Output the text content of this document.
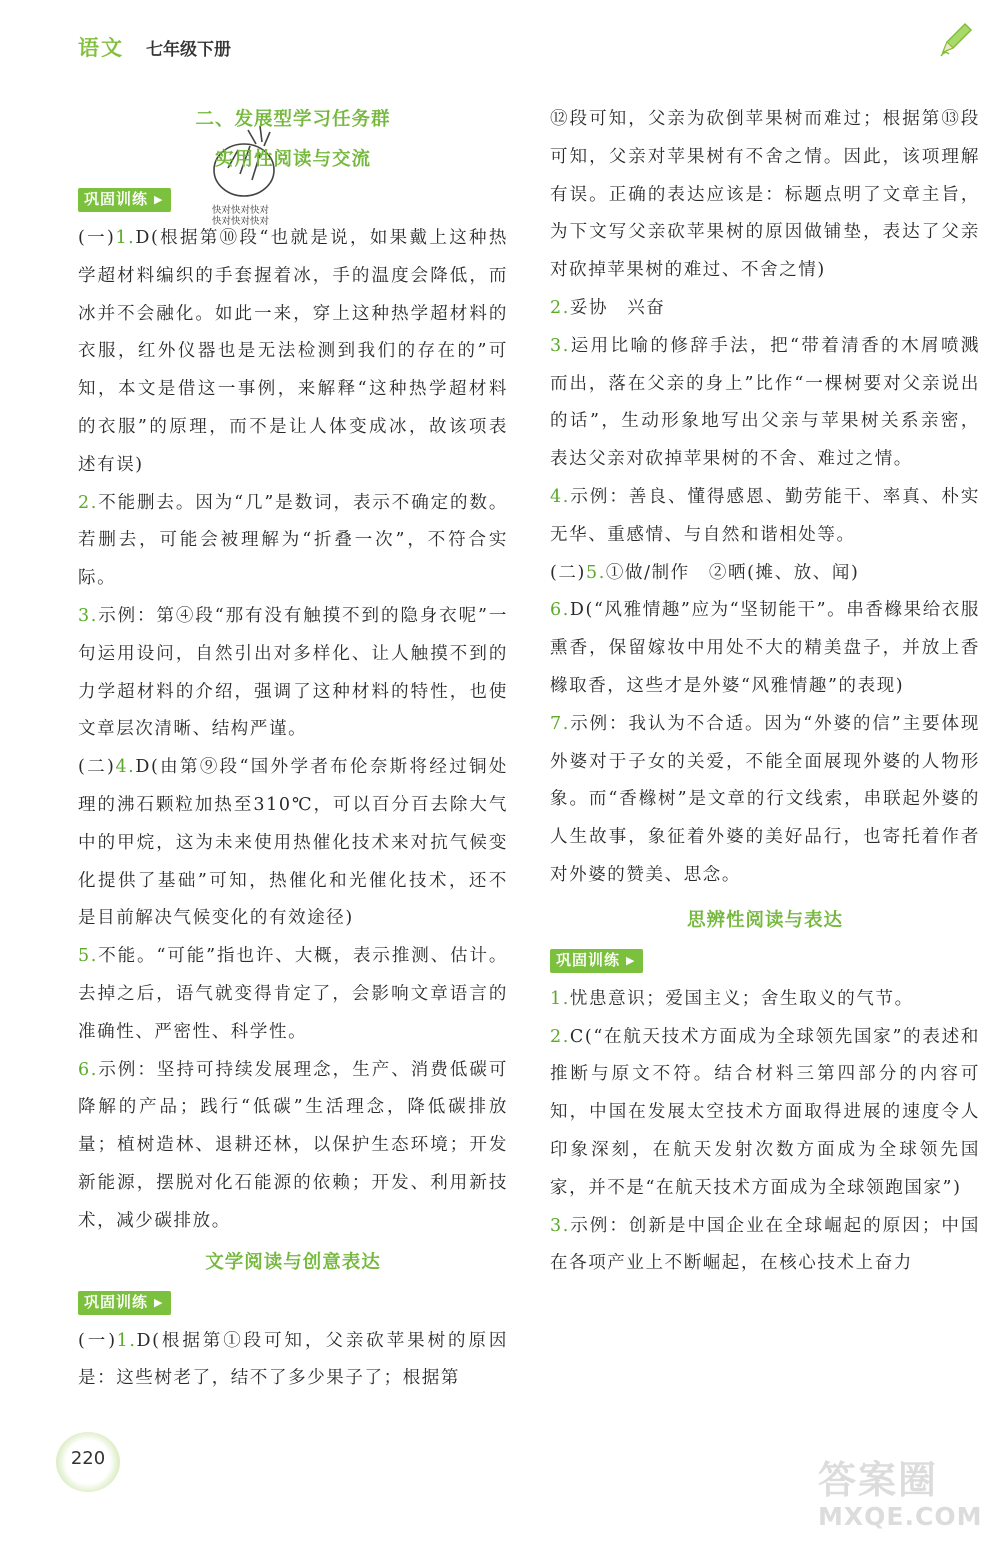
语文 七年级下册
快对快对快对
快对快对快对
二、发展型学习任务群
实用性阅读与交流
巩固训练 ▶

(一)1.D(根据第⑩段“也就是说，如果戴上这种热学超材料编织的手套握着冰，手的温度会降低，而冰并不会融化。如此一来，穿上这种热学超材料的衣服，红外仪器也是无法检测到我们的存在的”可知，本文是借这一事例，来解释“这种热学超材料的衣服”的原理，而不是让人体变成冰，故该项表述有误)

2.不能删去。因为“几”是数词，表示不确定的数。若删去，可能会被理解为“折叠一次”，不符合实际。

3.示例：第④段“那有没有触摸不到的隐身衣呢”一句运用设问，自然引出对多样化、让人触摸不到的力学超材料的介绍，强调了这种材料的特性，也使文章层次清晰、结构严谨。

(二)4.D(由第⑨段“国外学者布伦奈斯将经过铜处理的沸石颗粒加热至310℃，可以百分百去除大气中的甲烷，这为未来使用热催化技术来对抗气候变化提供了基础”可知，热催化和光催化技术，还不是目前解决气候变化的有效途径)

5.不能。“可能”指也许、大概，表示推测、估计。去掉之后，语气就变得肯定了，会影响文章语言的准确性、严密性、科学性。

6.示例：坚持可持续发展理念，生产、消费低碳可降解的产品；践行“低碳”生活理念，降低碳排放量；植树造林、退耕还林，以保护生态环境；开发新能源，摆脱对化石能源的依赖；开发、利用新技术，减少碳排放。

文学阅读与创意表达
巩固训练 ▶

(一)1.D(根据第①段可知，父亲砍苹果树的原因是：这些树老了，结不了多少果子了；根据第

⑫段可知，父亲为砍倒苹果树而难过；根据第⑬段可知，父亲对苹果树有不舍之情。因此，该项理解有误。正确的表达应该是：标题点明了文章主旨，为下文写父亲砍苹果树的原因做铺垫，表达了父亲对砍掉苹果树的难过、不舍之情)

2.妥协　兴奋

3.运用比喻的修辞手法，把“带着清香的木屑喷溅而出，落在父亲的身上”比作“一棵树要对父亲说出的话”，生动形象地写出父亲与苹果树关系亲密，表达父亲对砍掉苹果树的不舍、难过之情。

4.示例：善良、懂得感恩、勤劳能干、率真、朴实无华、重感情、与自然和谐相处等。

(二)5.①做/制作　②晒(摊、放、闻)

6.D(“风雅情趣”应为“坚韧能干”。串香橼果给衣服熏香，保留嫁妆中用处不大的精美盘子，并放上香橼取香，这些才是外婆“风雅情趣”的表现)

7.示例：我认为不合适。因为“外婆的信”主要体现外婆对于子女的关爱，不能全面展现外婆的人物形象。而“香橼树”是文章的行文线索，串联起外婆的人生故事，象征着外婆的美好品行，也寄托着作者对外婆的赞美、思念。

思辨性阅读与表达
巩固训练 ▶

1.忧患意识；爱国主义；舍生取义的气节。

2.C(“在航天技术方面成为全球领先国家”的表述和推断与原文不符。结合材料三第四部分的内容可知，中国在发展太空技术方面取得进展的速度令人印象深刻，在航天发射次数方面成为全球领先国家，并不是“在航天技术方面成为全球领跑国家”)

3.示例：创新是中国企业在全球崛起的原因；中国在各项产业上不断崛起，在核心技术上奋力

220	答案圈
MXQE.COM
